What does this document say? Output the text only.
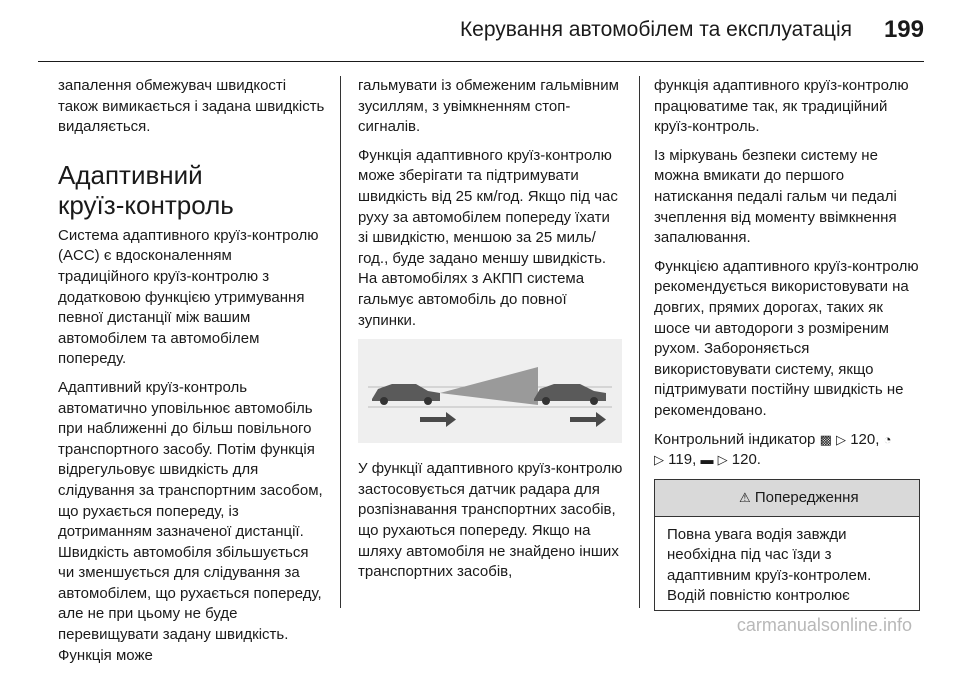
Керування автомобілем та експлуатація 199

запалення обмежувач швидкості також вимикається і задана швидкість видаляється.

Адаптивний
круїз-контроль

Система адаптивного круїз-контролю (ACC) є вдосконаленням традиційного круїз-контролю з додатковою функцією утримування певної дистанції між вашим автомобілем та автомобілем попереду.

Адаптивний круїз-контроль автоматично уповільнює автомобіль при наближенні до більш повільного транспортного засобу. Потім функція відрегульовує швидкість для слідування за транспортним засобом, що рухається попереду, із дотриманням зазначеної дистанції. Швидкість автомобіля збільшується чи зменшується для слідування за автомобілем, що рухається попереду, але не при цьому не буде перевищувати задану швидкість. Функція може

гальмувати із обмеженим гальмівним зусиллям, з увімкненням стоп-сигналів.

Функція адаптивного круїз-контролю може зберігати та підтримувати швидкість від 25 км/год. Якщо під час руху за автомобілем попереду їхати зі швидкістю, меншою за 25 миль/год., буде задано меншу швидкість. На автомобілях з АКПП система гальмує автомобіль до повної зупинки.

У функції адаптивного круїз-контролю застосовується датчик радара для розпізнавання транспортних засобів, що рухаються попереду. Якщо на шляху автомобіля не знайдено інших транспортних засобів,

функція адаптивного круїз-контролю працюватиме так, як традиційний круїз-контроль.

Із міркувань безпеки систему не можна вмикати до першого натискання педалі гальм чи педалі зчеплення від моменту ввімкнення запалювання.

Функцією адаптивного круїз-контролю рекомендується використовувати на довгих, прямих дорогах, таких як шосе чи автодороги з розміреним рухом. Забороняється використовувати систему, якщо підтримувати постійну швидкість не рекомендовано.

Контрольний індикатор ▩ ▷ 120, ◔
▷ 119, ▬ ▷ 120.

⚠ Попередження
Повна увага водія завжди необхідна під час їзди з адаптивним круїз-контролем. Водій повністю контролює
carmanualsonline.info
